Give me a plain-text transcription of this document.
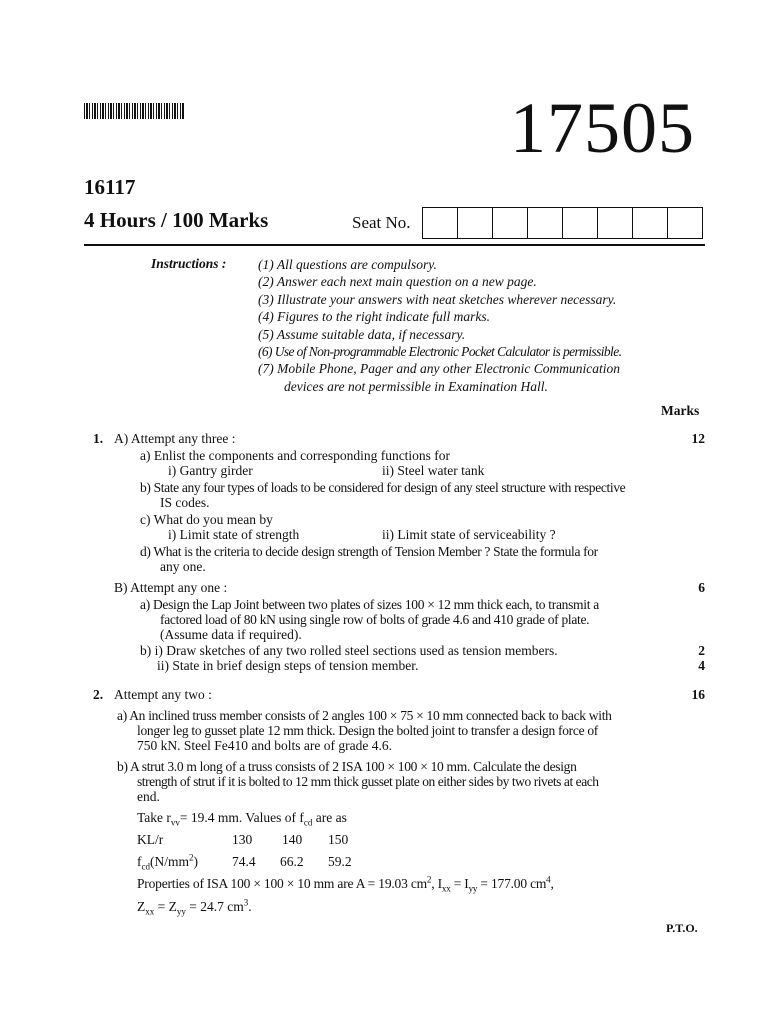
17505
16117
4 Hours / 100 Marks	Seat No.
Instructions : (1) All questions are compulsory.
(2) Answer each next main question on a new page.
(3) Illustrate your answers with neat sketches wherever necessary.
(4) Figures to the right indicate full marks.
(5) Assume suitable data, if necessary.
(6) Use of Non-programmable Electronic Pocket Calculator is permissible.
(7) Mobile Phone, Pager and any other Electronic Communication
devices are not permissible in Examination Hall.
Marks
1. A) Attempt any three :	12
a) Enlist the components and corresponding functions for
i) Gantry girder	ii) Steel water tank
b) State any four types of loads to be considered for design of any steel structure with respective
IS codes.
c) What do you mean by
i) Limit state of strength	ii) Limit state of serviceability ?
d) What is the criteria to decide design strength of Tension Member ? State the formula for
any one.
B) Attempt any one :	6
a) Design the Lap Joint between two plates of sizes 100 × 12 mm thick each, to transmit a
factored load of 80 kN using single row of bolts of grade 4.6 and 410 grade of plate.
(Assume data if required).
b) i) Draw sketches of any two rolled steel sections used as tension members.	2
ii) State in brief design steps of tension member.	4
2. Attempt any two :	16
a) An inclined truss member consists of 2 angles 100 × 75 × 10 mm connected back to back with
longer leg to gusset plate 12 mm thick. Design the bolted joint to transfer a design force of
750 kN. Steel Fe410 and bolts are of grade 4.6.
b) A strut 3.0 m long of a truss consists of 2 ISA 100 × 100 × 10 mm. Calculate the design
strength of strut if it is bolted to 12 mm thick gusset plate on either sides by two rivets at each
end.
Take $r_{vv}= 19.4$ mm. Values of $f_{cd}$ are as
KL/r	130 140 150
$f_{cd}(N/mm^2)$	74.4 66.2 59.2
Properties of ISA 100 × 100 × 10 mm are A = 19.03 $cm^2$, $I_{xx} = I_{yy} = 177.00$ $cm^4$,
$Z_{xx} = Z_{yy} = 24.7$ $cm^3$.
P.T.O.
